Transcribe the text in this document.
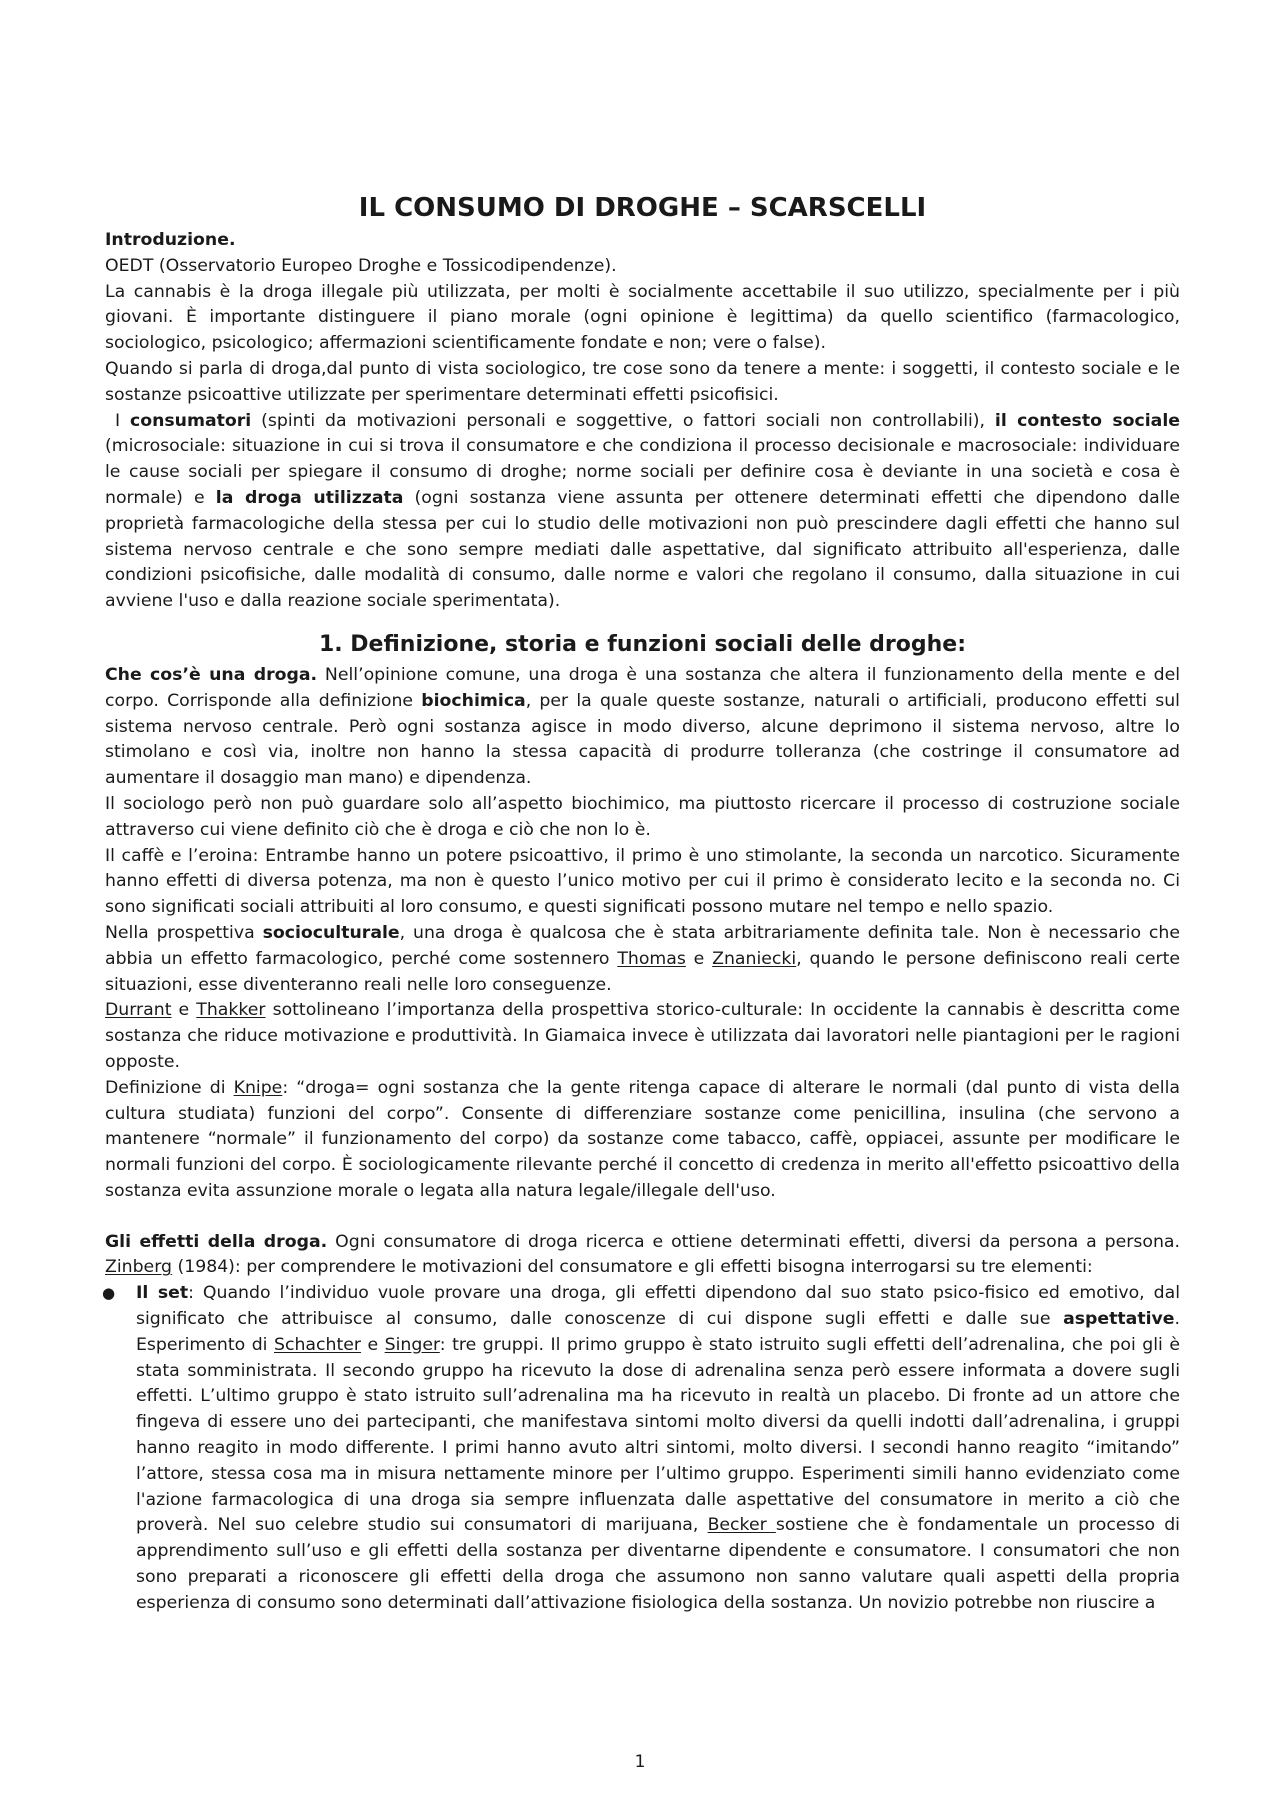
IL CONSUMO DI DROGHE – SCARSCELLI

Introduzione.

OEDT (Osservatorio Europeo Droghe e Tossicodipendenze).

La cannabis è la droga illegale più utilizzata, per molti è socialmente accettabile il suo utilizzo, specialmente per i più giovani. È importante distinguere il piano morale (ogni opinione è legittima) da quello scientifico (farmacologico, sociologico, psicologico; affermazioni scientificamente fondate e non; vere o false).

Quando si parla di droga,dal punto di vista sociologico, tre cose sono da tenere a mente: i soggetti, il contesto sociale e le sostanze psicoattive utilizzate per sperimentare determinati effetti psicofisici.

I consumatori (spinti da motivazioni personali e soggettive, o fattori sociali non controllabili), il contesto sociale (microsociale: situazione in cui si trova il consumatore e che condiziona il processo decisionale e macrosociale: individuare le cause sociali per spiegare il consumo di droghe; norme sociali per definire cosa è deviante in una società e cosa è normale) e la droga utilizzata (ogni sostanza viene assunta per ottenere determinati effetti che dipendono dalle proprietà farmacologiche della stessa per cui lo studio delle motivazioni non può prescindere dagli effetti che hanno sul sistema nervoso centrale e che sono sempre mediati dalle aspettative, dal significato attribuito all'esperienza, dalle condizioni psicofisiche, dalle modalità di consumo, dalle norme e valori che regolano il consumo, dalla situazione in cui avviene l'uso e dalla reazione sociale sperimentata).

1. Definizione, storia e funzioni sociali delle droghe:

Che cos’è una droga. Nell’opinione comune, una droga è una sostanza che altera il funzionamento della mente e del corpo. Corrisponde alla definizione biochimica, per la quale queste sostanze, naturali o artificiali, producono effetti sul sistema nervoso centrale. Però ogni sostanza agisce in modo diverso, alcune deprimono il sistema nervoso, altre lo stimolano e così via, inoltre non hanno la stessa capacità di produrre tolleranza (che costringe il consumatore ad aumentare il dosaggio man mano) e dipendenza.

Il sociologo però non può guardare solo all’aspetto biochimico, ma piuttosto ricercare il processo di costruzione sociale attraverso cui viene definito ciò che è droga e ciò che non lo è.

Il caffè e l’eroina: Entrambe hanno un potere psicoattivo, il primo è uno stimolante, la seconda un narcotico. Sicuramente hanno effetti di diversa potenza, ma non è questo l’unico motivo per cui il primo è considerato lecito e la seconda no. Ci sono significati sociali attribuiti al loro consumo, e questi significati possono mutare nel tempo e nello spazio.

Nella prospettiva socioculturale, una droga è qualcosa che è stata arbitrariamente definita tale. Non è necessario che abbia un effetto farmacologico, perché come sostennero Thomas e Znaniecki, quando le persone definiscono reali certe situazioni, esse diventeranno reali nelle loro conseguenze.

Durrant e Thakker sottolineano l’importanza della prospettiva storico-culturale: In occidente la cannabis è descritta come sostanza che riduce motivazione e produttività. In Giamaica invece è utilizzata dai lavoratori nelle piantagioni per le ragioni opposte.

Definizione di Knipe: “droga= ogni sostanza che la gente ritenga capace di alterare le normali (dal punto di vista della cultura studiata) funzioni del corpo”. Consente di differenziare sostanze come penicillina, insulina (che servono a mantenere “normale” il funzionamento del corpo) da sostanze come tabacco, caffè, oppiacei, assunte per modificare le normali funzioni del corpo. È sociologicamente rilevante perché il concetto di credenza in merito all'effetto psicoattivo della sostanza evita assunzione morale o legata alla natura legale/illegale dell'uso.

Gli effetti della droga. Ogni consumatore di droga ricerca e ottiene determinati effetti, diversi da persona a persona. Zinberg (1984): per comprendere le motivazioni del consumatore e gli effetti bisogna interrogarsi su tre elementi:

● Il set: Quando l’individuo vuole provare una droga, gli effetti dipendono dal suo stato psico-fisico ed emotivo, dal significato che attribuisce al consumo, dalle conoscenze di cui dispone sugli effetti e dalle sue aspettative. Esperimento di Schachter e Singer: tre gruppi. Il primo gruppo è stato istruito sugli effetti dell’adrenalina, che poi gli è stata somministrata. Il secondo gruppo ha ricevuto la dose di adrenalina senza però essere informata a dovere sugli effetti. L’ultimo gruppo è stato istruito sull’adrenalina ma ha ricevuto in realtà un placebo. Di fronte ad un attore che fingeva di essere uno dei partecipanti, che manifestava sintomi molto diversi da quelli indotti dall’adrenalina, i gruppi hanno reagito in modo differente. I primi hanno avuto altri sintomi, molto diversi. I secondi hanno reagito “imitando” l’attore, stessa cosa ma in misura nettamente minore per l’ultimo gruppo. Esperimenti simili hanno evidenziato come l'azione farmacologica di una droga sia sempre influenzata dalle aspettative del consumatore in merito a ciò che proverà. Nel suo celebre studio sui consumatori di marijuana, Becker sostiene che è fondamentale un processo di apprendimento sull’uso e gli effetti della sostanza per diventarne dipendente e consumatore. I consumatori che non sono preparati a riconoscere gli effetti della droga che assumono non sanno valutare quali aspetti della propria esperienza di consumo sono determinati dall’attivazione fisiologica della sostanza. Un novizio potrebbe non riuscire a
1
